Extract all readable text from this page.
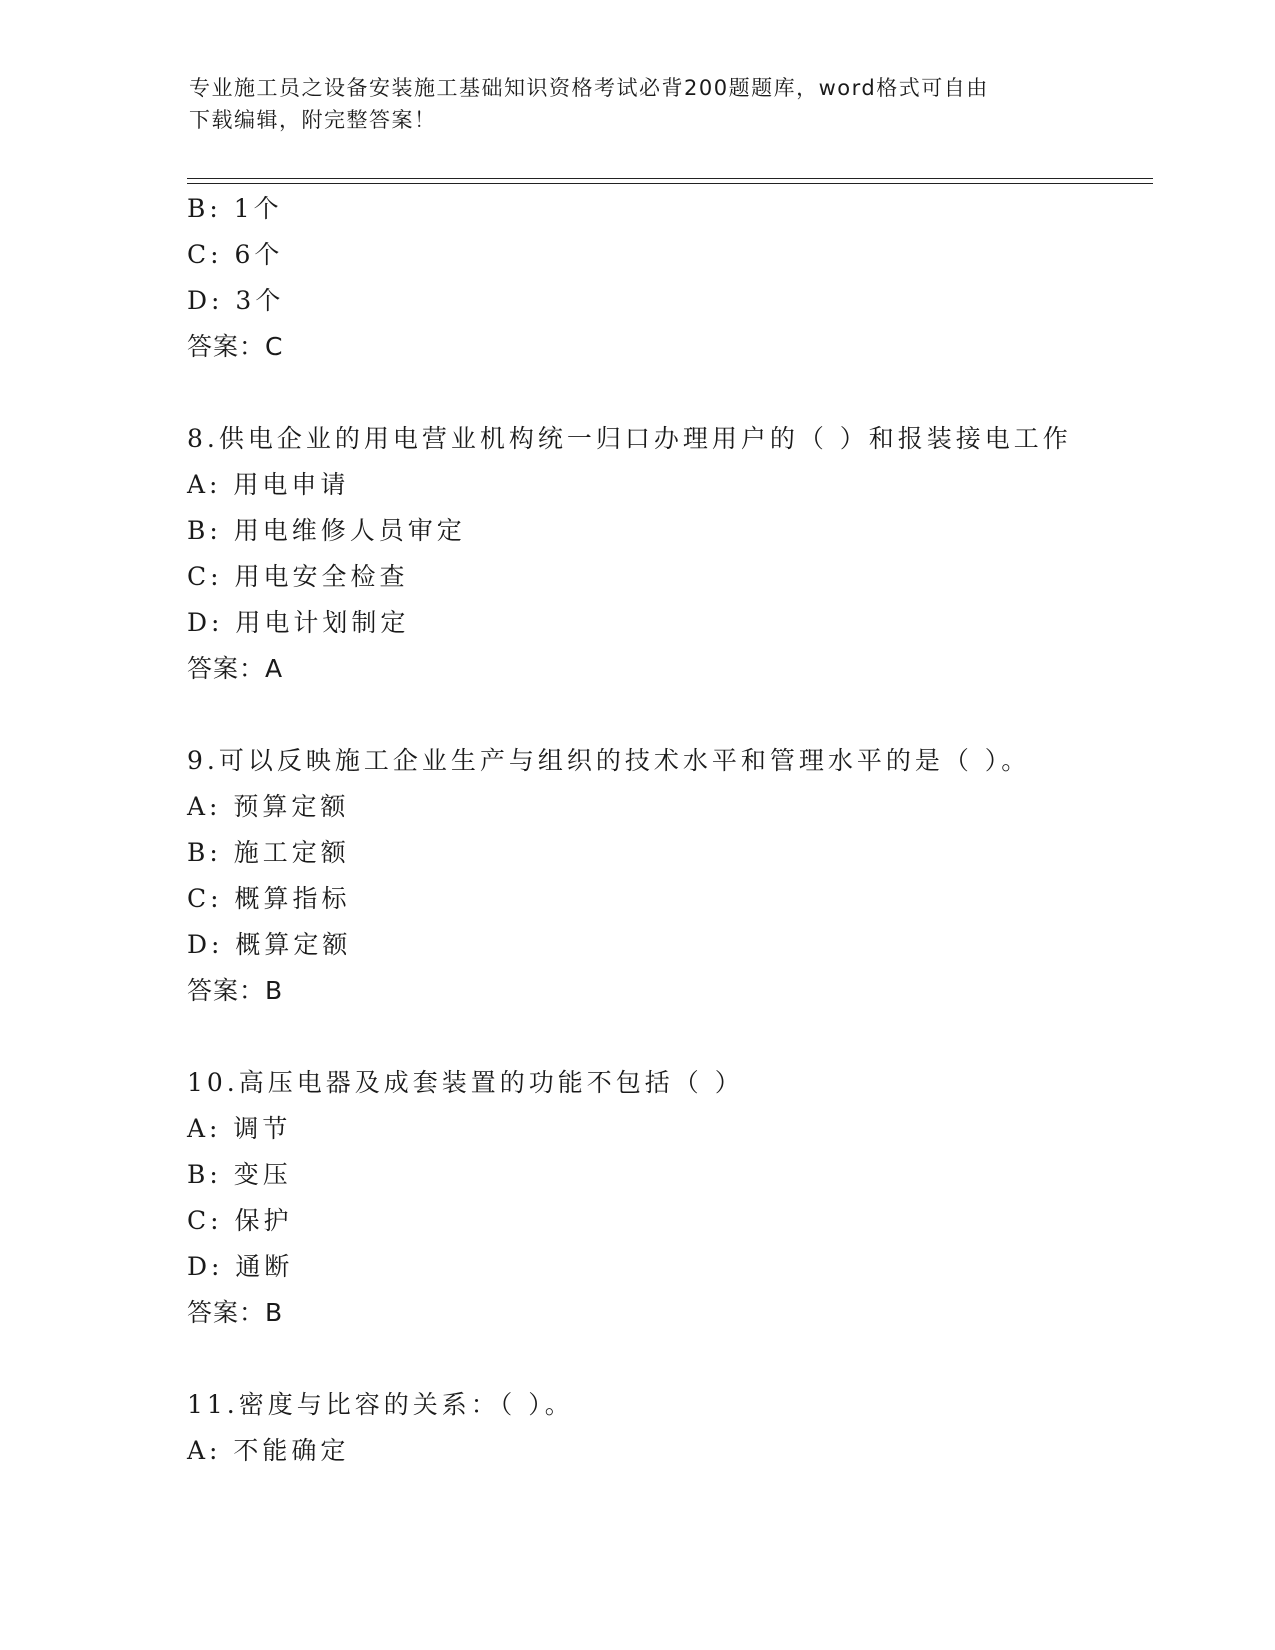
专业施工员之设备安装施工基础知识资格考试必背200题题库，word格式可自由
下载编辑，附完整答案！
B: 1个
C: 6个
D: 3个
答案：C
8.供电企业的用电营业机构统一归口办理用户的（ ）和报装接电工作
A: 用电申请
B: 用电维修人员审定
C: 用电安全检查
D: 用电计划制定
答案：A
9.可以反映施工企业生产与组织的技术水平和管理水平的是（ ）。
A: 预算定额
B: 施工定额
C: 概算指标
D: 概算定额
答案：B
10.高压电器及成套装置的功能不包括（ ）
A: 调节
B: 变压
C: 保护
D: 通断
答案：B
11.密度与比容的关系：（ ）。
A: 不能确定
